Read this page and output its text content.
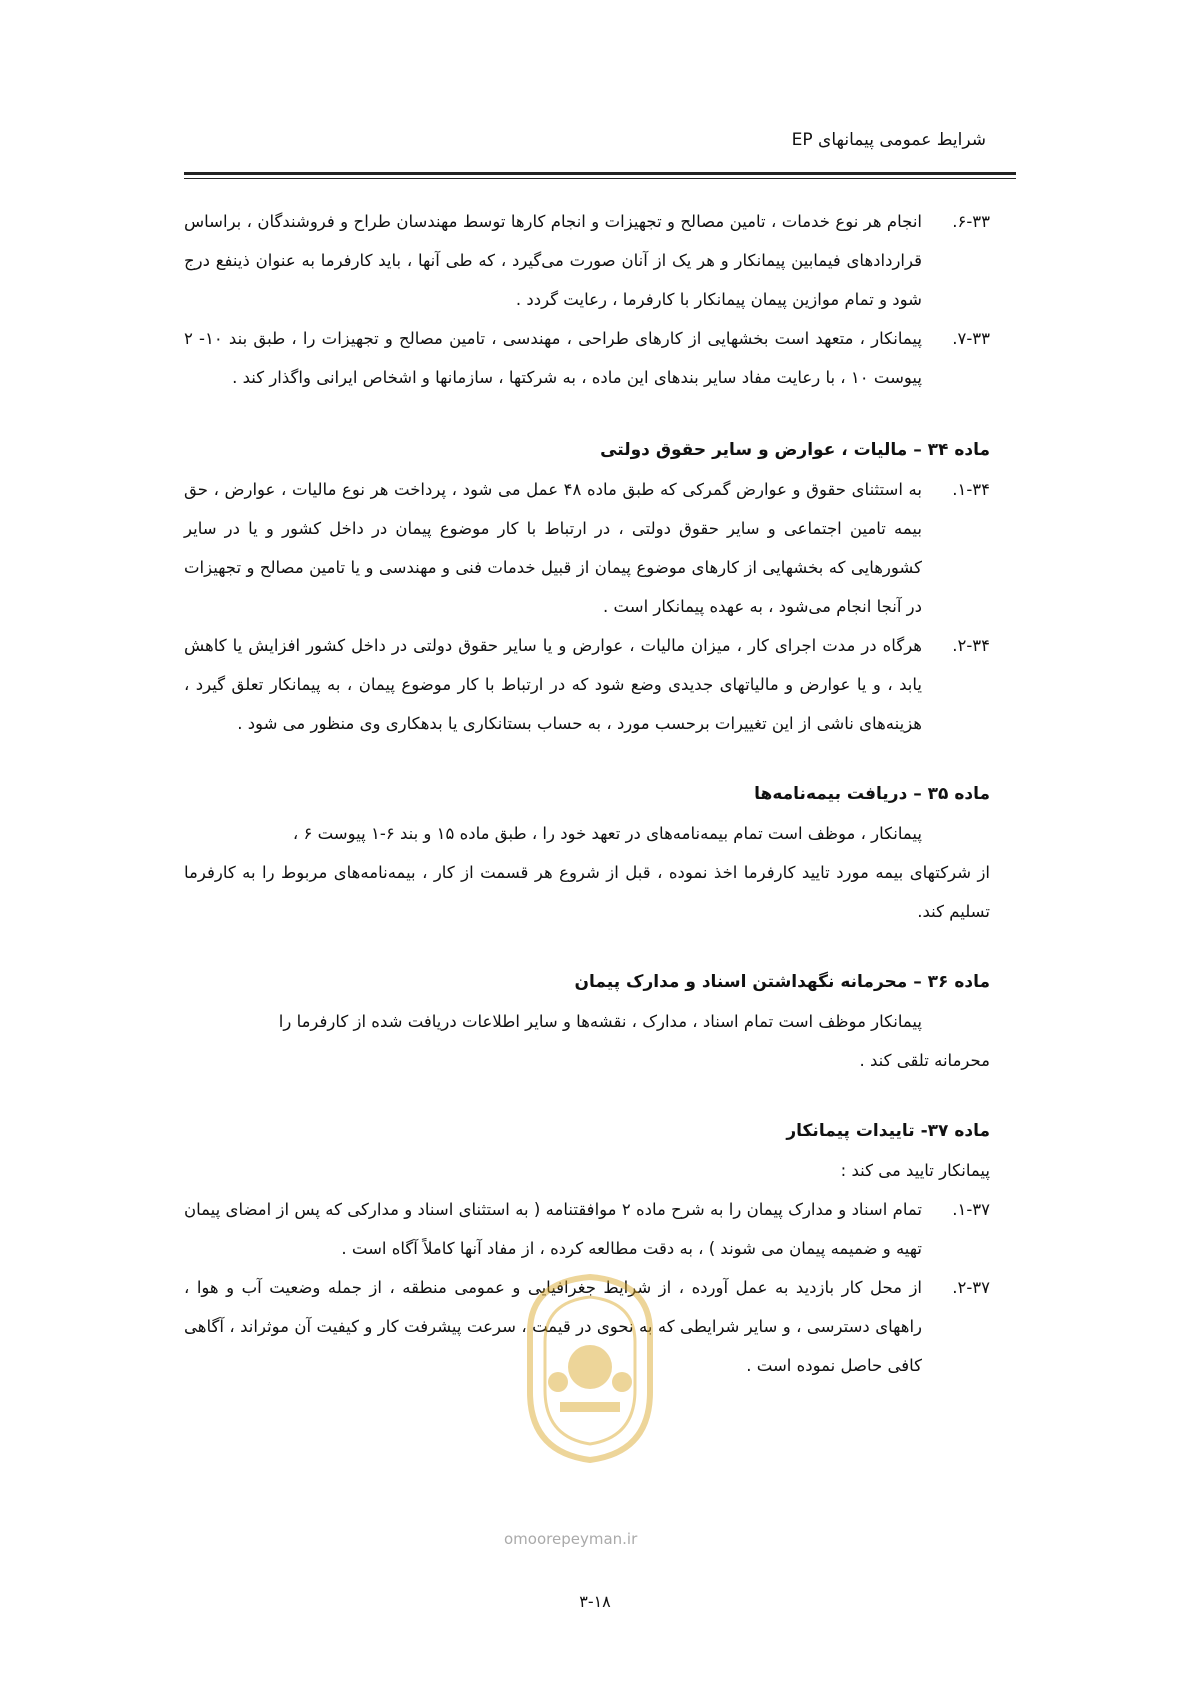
شرایط عمومی پیمانهای EP
۶-۳۳.

انجام هر نوع خدمات ، تامین مصالح و تجهیزات و انجام کارها توسط مهندسان طراح و فروشندگان ، براساس قراردادهای فیمابین پیمانکار و هر یک از آنان صورت می‌گیرد ، که طی آنها ، باید کارفرما به عنوان ذینفع درج شود و تمام موازین پیمان پیمانکار با کارفرما ، رعایت گردد .

۷-۳۳.

پیمانکار ، متعهد است بخشهایی از کارهای طراحی ، مهندسی ، تامین مصالح و تجهیزات را ، طبق بند ۱۰- ۲ پیوست ۱۰ ، با رعایت مفاد سایر بندهای این ماده ، به شرکتها ، سازمانها و اشخاص ایرانی واگذار کند .

ماده ۳۴ – مالیات ، عوارض و سایر حقوق دولتی
۱-۳۴.

به استثنای حقوق و عوارض گمرکی که طبق ماده ۴۸ عمل می شود ، پرداخت هر نوع مالیات ، عوارض ، حق بیمه تامین اجتماعی و سایر حقوق دولتی ، در ارتباط با کار موضوع پیمان در داخل کشور و یا در سایر کشورهایی که بخشهایی از کارهای موضوع پیمان از قبیل خدمات فنی و مهندسی و یا تامین مصالح و تجهیزات در آنجا انجام می‌شود ، به عهده پیمانکار است .

۲-۳۴.

هرگاه در مدت اجرای کار ، میزان مالیات ، عوارض و یا سایر حقوق دولتی در داخل کشور افزایش یا کاهش یابد ، و یا عوارض و مالیاتهای جدیدی وضع شود که در ارتباط با کار موضوع پیمان ، به پیمانکار تعلق گیرد ، هزینه‌های ناشی از این تغییرات برحسب مورد ، به حساب بستانکاری یا بدهکاری وی منظور می شود .

ماده ۳۵ – دریافت بیمه‌نامه‌ها

پیمانکار ، موظف است تمام بیمه‌نامه‌های در تعهد خود را ، طبق ماده ۱۵ و بند ۶-۱ پیوست ۶ ،

از شرکتهای بیمه مورد تایید کارفرما اخذ نموده ، قبل از شروع هر قسمت از کار ، بیمه‌نامه‌های مربوط را به کارفرما تسلیم کند.

ماده ۳۶ – محرمانه نگهداشتن اسناد و مدارک پیمان

پیمانکار موظف است تمام اسناد ، مدارک ، نقشه‌ها و سایر اطلاعات دریافت شده از کارفرما را

محرمانه تلقی کند .

ماده ۳۷- تاییدات پیمانکار

پیمانکار تایید می کند :

۱-۳۷.

تمام اسناد و مدارک پیمان را به شرح ماده ۲ موافقتنامه ( به استثنای اسناد و مدارکی که پس از امضای پیمان تهیه و ضمیمه پیمان می شوند ) ، به دقت مطالعه کرده ، از مفاد آنها کاملاً آگاه است .

۲-۳۷.

از محل کار بازدید به عمل آورده ، از شرایط جغرافیایی و عمومی منطقه ، از جمله وضعیت آب و هوا ، راههای دسترسی ، و سایر شرایطی که به نحوی در قیمت ، سرعت پیشرفت کار و کیفیت آن موثراند ، آگاهی کافی حاصل نموده است .

omoorepeyman.ir
۳-۱۸
